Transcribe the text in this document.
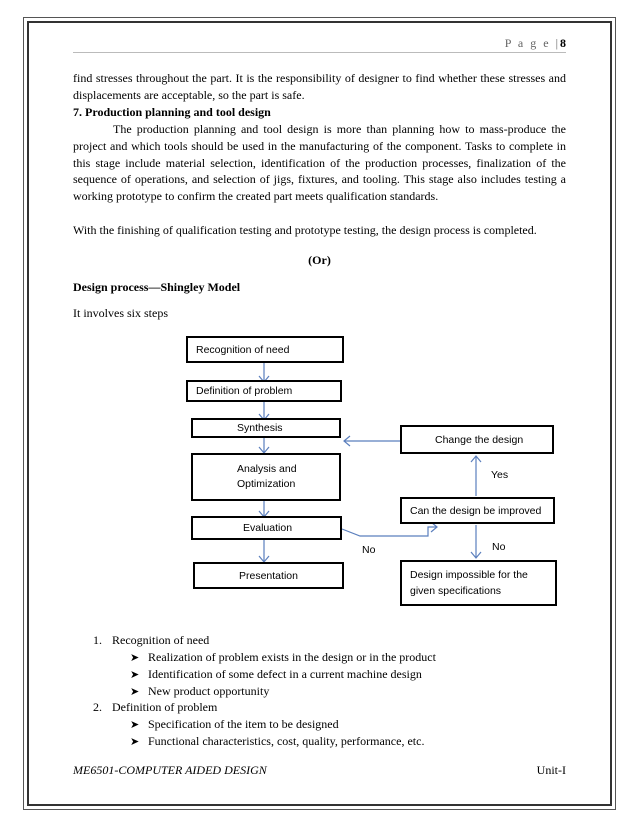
P a g e |8
find stresses throughout the part. It is the responsibility of designer to find whether these stresses and displacements are acceptable, so the part is safe.
7. Production planning and tool design
The production planning and tool design is more than planning how to mass-produce the project and which tools should be used in the manufacturing of the component. Tasks to complete in this stage include material selection, identification of the production processes, finalization of the sequence of operations, and selection of jigs, fixtures, and tooling. This stage also includes testing a working prototype to confirm the created part meets qualification standards.
With the finishing of qualification testing and prototype testing, the design process is completed.
(Or)
Design process—Shingley Model
It involves six steps
Recognition of need
Definition of problem
Synthesis
Analysis and
Optimization
Evaluation
Presentation
Change the design
Can the design be improved
Design impossible for the
given specifications
Yes
No	No
1. Recognition of need
➤ Realization of problem exists in the design or in the product
➤ Identification of some defect in a current machine design
➤ New product opportunity
2. Definition of problem
➤ Specification of the item to be designed
➤ Functional characteristics, cost, quality, performance, etc.
ME6501-COMPUTER AIDED DESIGN	Unit-I
